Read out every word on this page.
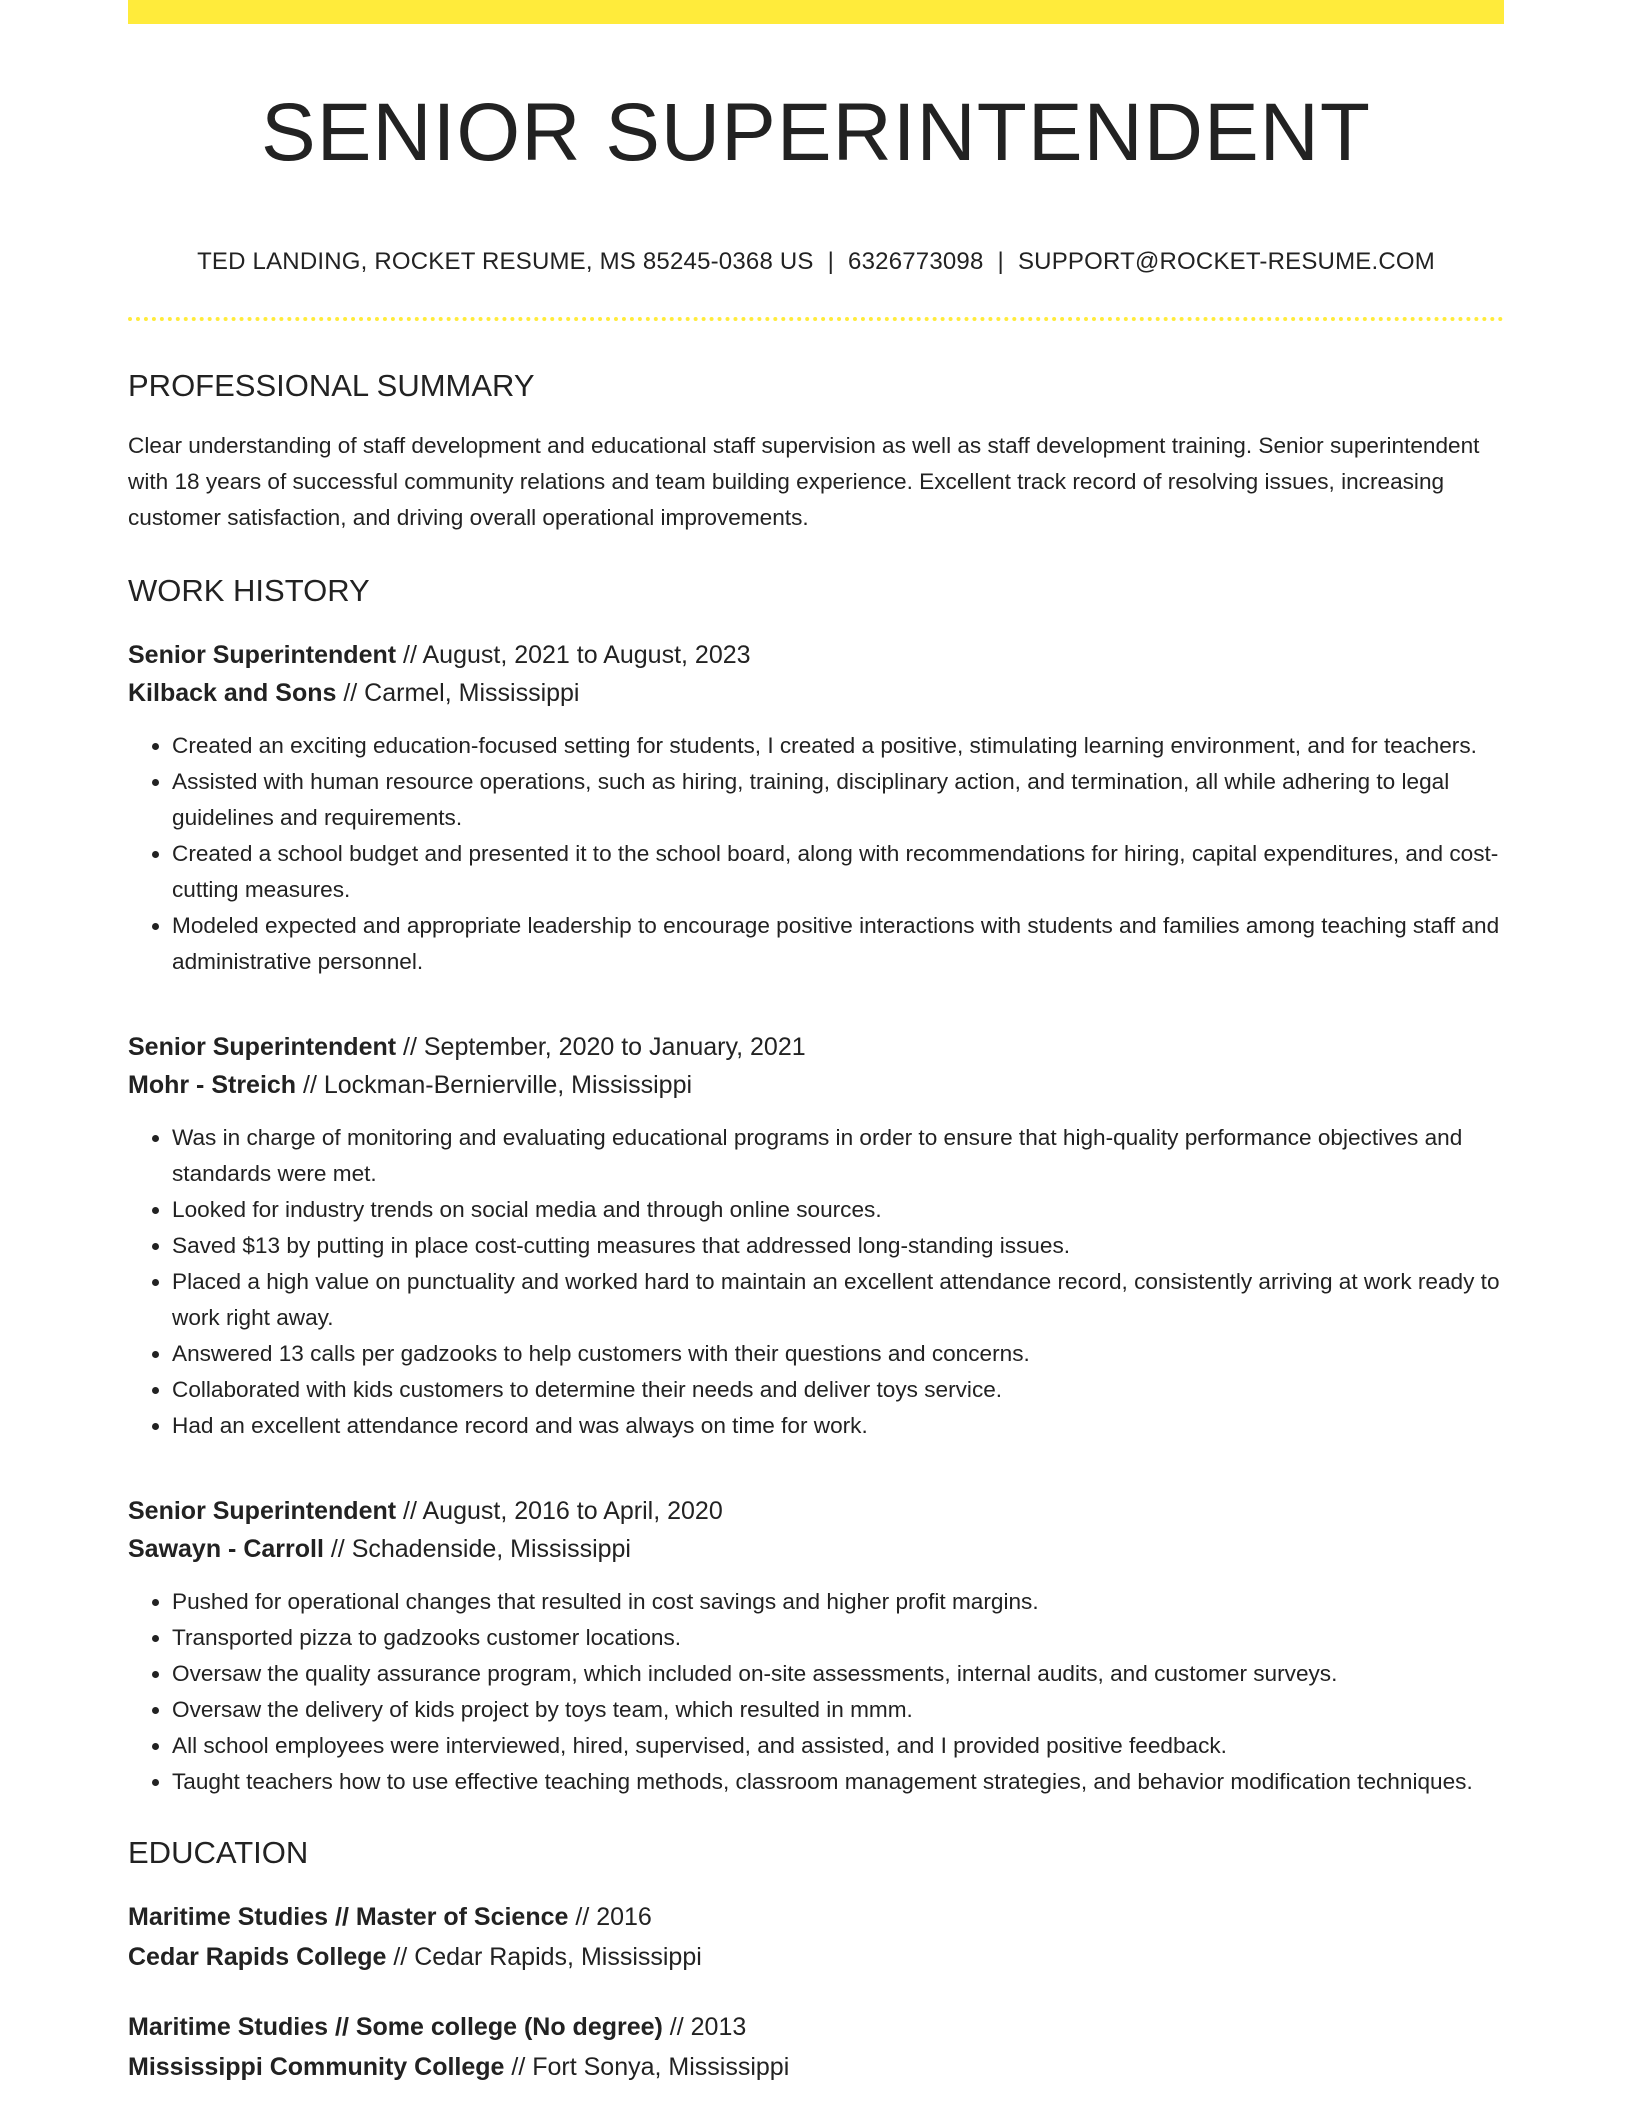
SENIOR SUPERINTENDENT
TED LANDING, ROCKET RESUME, MS 85245-0368 US | 6326773098 | SUPPORT@ROCKET-RESUME.COM
PROFESSIONAL SUMMARY

Clear understanding of staff development and educational staff supervision as well as staff development training. Senior superintendent with 18 years of successful community relations and team building experience. Excellent track record of resolving issues, increasing customer satisfaction, and driving overall operational improvements.

WORK HISTORY
Senior Superintendent // August, 2021 to August, 2023
Kilback and Sons // Carmel, Mississippi
• Created an exciting education-focused setting for students, I created a positive, stimulating learning environment, and for teachers.
• Assisted with human resource operations, such as hiring, training, disciplinary action, and termination, all while adhering to legal guidelines and requirements.
• Created a school budget and presented it to the school board, along with recommendations for hiring, capital expenditures, and cost-cutting measures.
• Modeled expected and appropriate leadership to encourage positive interactions with students and families among teaching staff and administrative personnel.
Senior Superintendent // September, 2020 to January, 2021
Mohr - Streich // Lockman-Bernierville, Mississippi
• Was in charge of monitoring and evaluating educational programs in order to ensure that high-quality performance objectives and standards were met.
• Looked for industry trends on social media and through online sources.
• Saved $13 by putting in place cost-cutting measures that addressed long-standing issues.
• Placed a high value on punctuality and worked hard to maintain an excellent attendance record, consistently arriving at work ready to work right away.
• Answered 13 calls per gadzooks to help customers with their questions and concerns.
• Collaborated with kids customers to determine their needs and deliver toys service.
• Had an excellent attendance record and was always on time for work.
Senior Superintendent // August, 2016 to April, 2020
Sawayn - Carroll // Schadenside, Mississippi
• Pushed for operational changes that resulted in cost savings and higher profit margins.
• Transported pizza to gadzooks customer locations.
• Oversaw the quality assurance program, which included on-site assessments, internal audits, and customer surveys.
• Oversaw the delivery of kids project by toys team, which resulted in mmm.
• All school employees were interviewed, hired, supervised, and assisted, and I provided positive feedback.
• Taught teachers how to use effective teaching methods, classroom management strategies, and behavior modification techniques.
EDUCATION
Maritime Studies // Master of Science // 2016
Cedar Rapids College // Cedar Rapids, Mississippi
Maritime Studies // Some college (No degree) // 2013
Mississippi Community College // Fort Sonya, Mississippi
